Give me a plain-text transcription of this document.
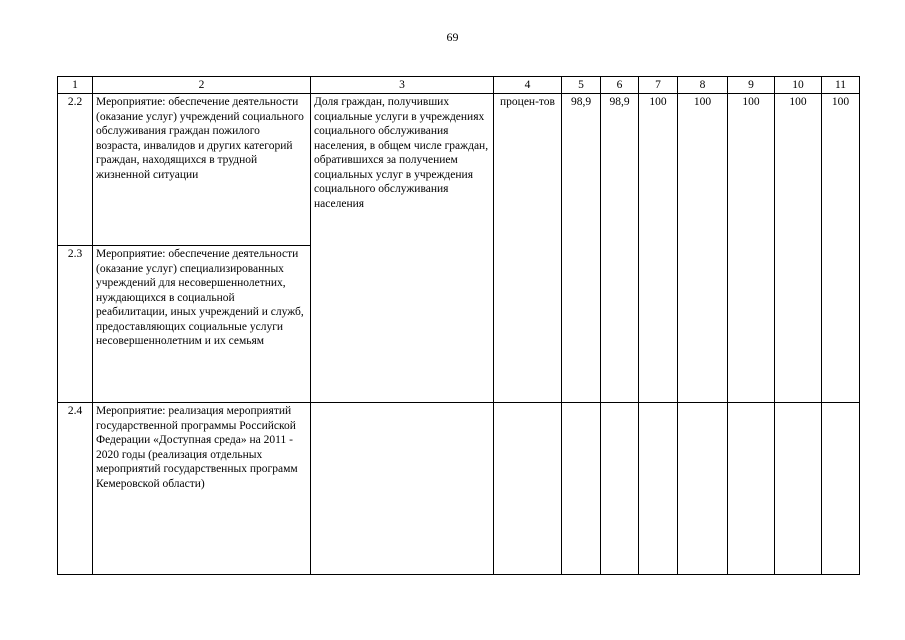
69
1	2	3	4	5	6	7	8	9	10	11
2.2	Мероприятие: обеспечение деятельности (оказание услуг) учреждений социального обслуживания граждан пожилого возраста, инвалидов и других категорий граждан, находящихся в трудной жизненной ситуации	Доля граждан, получивших социальные услуги в учреждениях социального обслуживания населения, в общем числе граждан, обратившихся за получением социальных услуг в учреждения социального обслуживания населения	процен-тов	98,9	98,9	100	100	100	100	100
2.3	Мероприятие: обеспечение деятельности (оказание услуг) специализированных учреждений для несовершеннолетних, нуждающихся в социальной реабилитации, иных учреждений и служб, предоставляющих социальные услуги несовершеннолетним и их семьям									
2.4	Мероприятие: реализация мероприятий государственной программы Российской Федерации «Доступная среда» на 2011 - 2020 годы (реализация отдельных мероприятий государственных программ Кемеровской области)									
